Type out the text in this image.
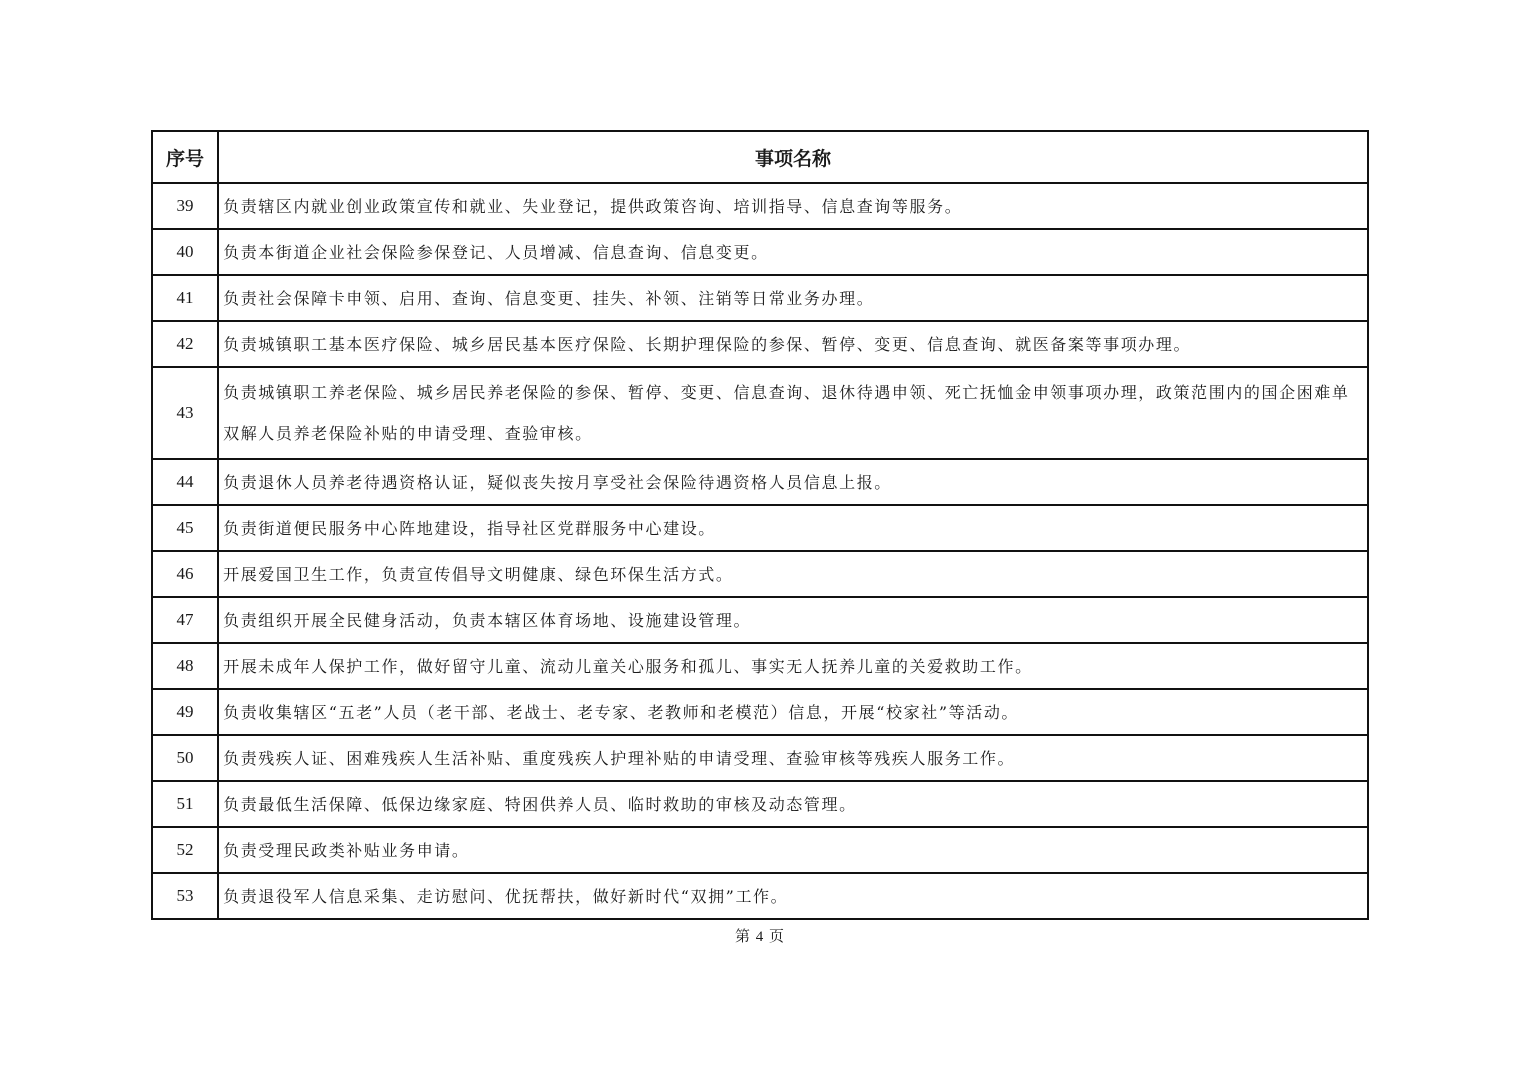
序号	事项名称
39	负责辖区内就业创业政策宣传和就业、失业登记，提供政策咨询、培训指导、信息查询等服务。
40	负责本街道企业社会保险参保登记、人员增减、信息查询、信息变更。
41	负责社会保障卡申领、启用、查询、信息变更、挂失、补领、注销等日常业务办理。
42	负责城镇职工基本医疗保险、城乡居民基本医疗保险、长期护理保险的参保、暂停、变更、信息查询、就医备案等事项办理。
43	负责城镇职工养老保险、城乡居民养老保险的参保、暂停、变更、信息查询、退休待遇申领、死亡抚恤金申领事项办理，政策范围内的国企困难单双解人员养老保险补贴的申请受理、查验审核。
44	负责退休人员养老待遇资格认证，疑似丧失按月享受社会保险待遇资格人员信息上报。
45	负责街道便民服务中心阵地建设，指导社区党群服务中心建设。
46	开展爱国卫生工作，负责宣传倡导文明健康、绿色环保生活方式。
47	负责组织开展全民健身活动，负责本辖区体育场地、设施建设管理。
48	开展未成年人保护工作，做好留守儿童、流动儿童关心服务和孤儿、事实无人抚养儿童的关爱救助工作。
49	负责收集辖区“五老”人员（老干部、老战士、老专家、老教师和老模范）信息，开展“校家社”等活动。
50	负责残疾人证、困难残疾人生活补贴、重度残疾人护理补贴的申请受理、查验审核等残疾人服务工作。
51	负责最低生活保障、低保边缘家庭、特困供养人员、临时救助的审核及动态管理。
52	负责受理民政类补贴业务申请。
53	负责退役军人信息采集、走访慰问、优抚帮扶，做好新时代“双拥”工作。
第 4 页
